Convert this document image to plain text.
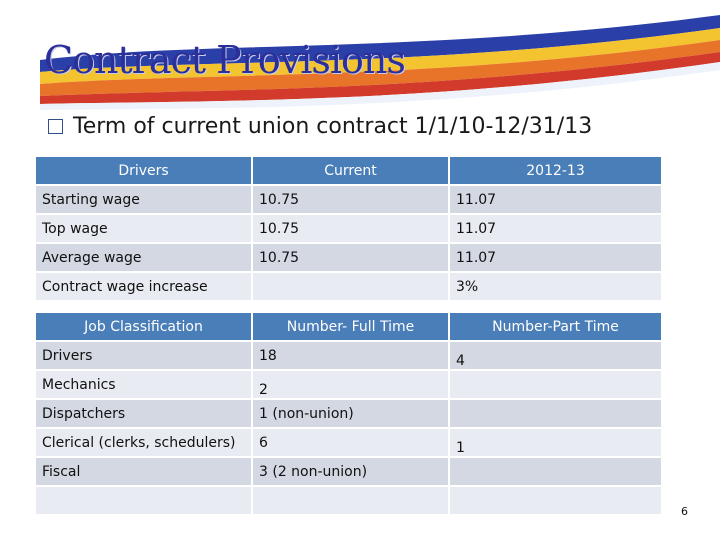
Contract Provisions
Term of current union contract 1/1/10-12/31/13
Drivers	Current	2012-13
Starting wage	10.75	11.07
Top wage	10.75	11.07
Average wage	10.75	11.07
Contract wage increase		3%
Job Classification	Number- Full Time	Number-Part Time
Drivers	18	4
Mechanics	2	
Dispatchers	1 (non-union)	
Clerical (clerks, schedulers)	6	1
Fiscal	3 (2 non-union)	

6
